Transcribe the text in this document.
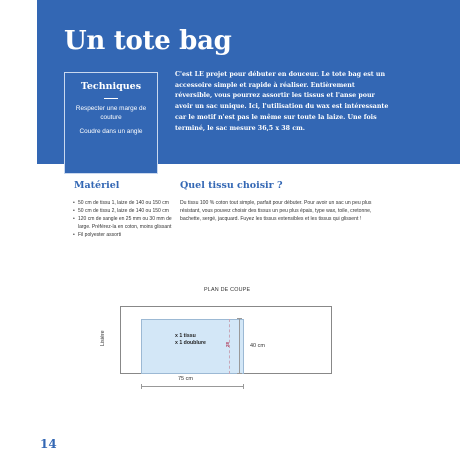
Un tote bag
Techniques
Respecter une marge de couture
Coudre dans un angle

C'est LE projet pour débuter en douceur. Le tote bag est un accessoire simple et rapide à réaliser. Entièrement réversible, vous pourrez assortir les tissus et l'anse pour avoir un sac unique. Ici, l'utilisation du wax est intéressante car le motif n'est pas le même sur toute la laize. Une fois terminé, le sac mesure 36,5 x 38 cm.

Matériel
• 50 cm de tissu 1, laize de 140 ou 150 cm
• 50 cm de tissu 2, laize de 140 ou 150 cm
• 120 cm de sangle en 25 mm ou 30 mm de large. Préférez-la en coton, moins glissant
• Fil polyester assorti
Quel tissu choisir ?

Du tissu 100 % coton tout simple, parfait pour débuter. Pour avoir un sac un peu plus résistant, vous pouvez choisir des tissus un peu plus épais, type wax, toile, cretonne, bachette, sergé, jacquard. Fuyez les tissus extensibles et les tissus qui glissent !

PLAN DE COUPE
x 1 tissu
x 1 doublure	40 cm
75 cm
Lisière	28
14
